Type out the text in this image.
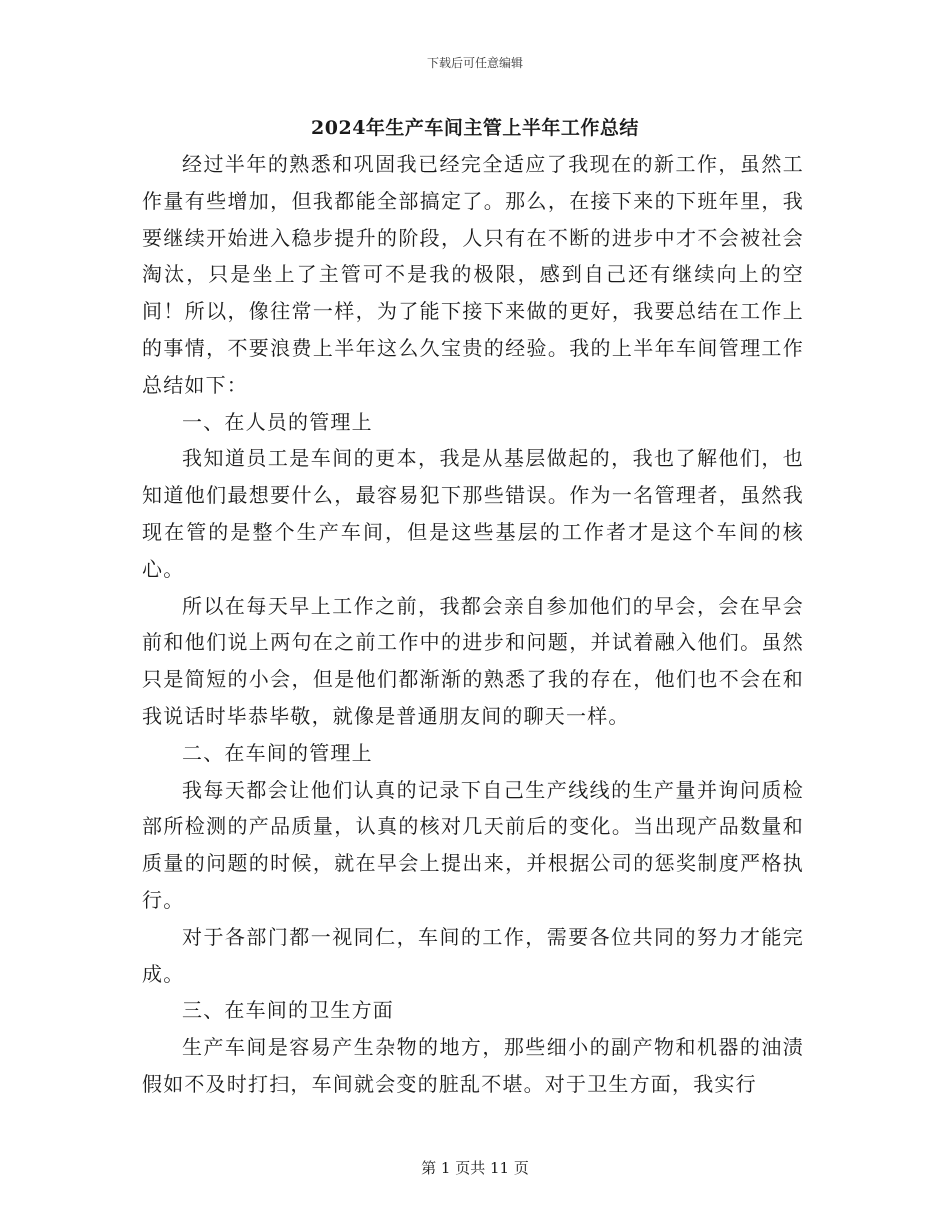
下载后可任意编辑
2024年生产车间主管上半年工作总结

经过半年的熟悉和巩固我已经完全适应了我现在的新工作，虽然工作量有些增加，但我都能全部搞定了。那么，在接下来的下班年里，我要继续开始进入稳步提升的阶段，人只有在不断的进步中才不会被社会淘汰，只是坐上了主管可不是我的极限，感到自己还有继续向上的空间！所以，像往常一样，为了能下接下来做的更好，我要总结在工作上的事情，不要浪费上半年这么久宝贵的经验。我的上半年车间管理工作总结如下：

一、在人员的管理上

我知道员工是车间的更本，我是从基层做起的，我也了解他们，也知道他们最想要什么，最容易犯下那些错误。作为一名管理者，虽然我现在管的是整个生产车间，但是这些基层的工作者才是这个车间的核心。

所以在每天早上工作之前，我都会亲自参加他们的早会，会在早会前和他们说上两句在之前工作中的进步和问题，并试着融入他们。虽然只是简短的小会，但是他们都渐渐的熟悉了我的存在，他们也不会在和我说话时毕恭毕敬，就像是普通朋友间的聊天一样。

二、在车间的管理上

我每天都会让他们认真的记录下自己生产线线的生产量并询问质检部所检测的产品质量，认真的核对几天前后的变化。当出现产品数量和质量的问题的时候，就在早会上提出来，并根据公司的惩奖制度严格执行。

对于各部门都一视同仁，车间的工作，需要各位共同的努力才能完成。

三、在车间的卫生方面

生产车间是容易产生杂物的地方，那些细小的副产物和机器的油渍假如不及时打扫，车间就会变的脏乱不堪。对于卫生方面，我实行

第 1 页共 11 页
